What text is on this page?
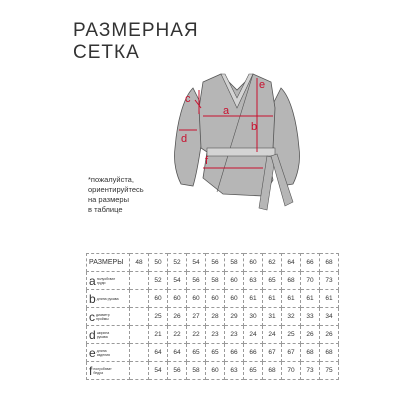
РАЗМЕРНАЯ
СЕТКА
a
b
c
d
e
f
*пожалуйста,
ориентируйтесь
на размеры
в таблице
РАЗМЕРЫ	48	50	52	54	56	58	60	62	64	66	68
aполуобхват груди		52	54	56	58	60	63	65	68	70	73
bдлина рукава		60	60	60	60	60	61	61	61	61	61
cдиаметр проймы		25	26	27	28	29	30	31	32	33	34
dширина рукава		21	22	22	23	23	24	24	25	26	26
eдлина изделия		64	64	65	65	66	66	67	67	68	68
fполуобхват бедра		54	56	58	60	63	65	68	70	73	75
